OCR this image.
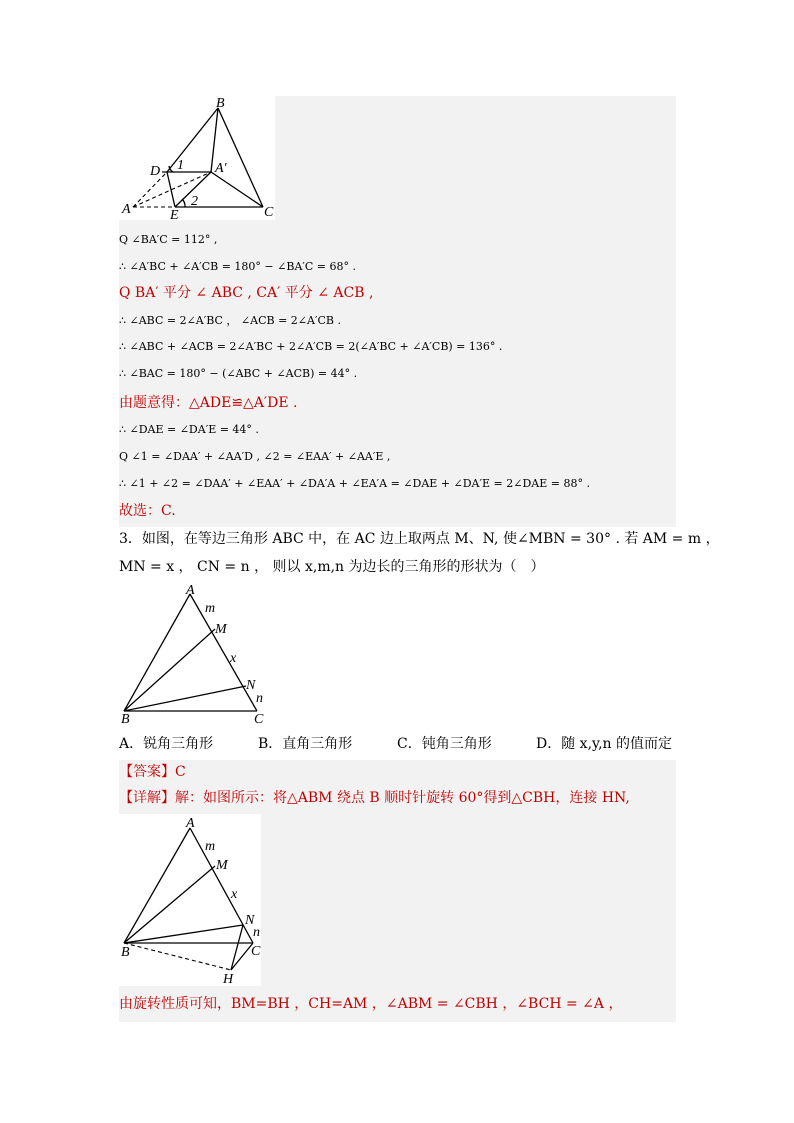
B
D 1 A′
2
A	E	C
Q ∠BA′C = 112° ,
∴ ∠A′BC + ∠A′CB = 180° − ∠BA′C = 68° .
Q BA′ 平分 ∠ ABC , CA′ 平分 ∠ ACB ,
∴ ∠ABC = 2∠A′BC ， ∠ACB = 2∠A′CB .
∴ ∠ABC + ∠ACB = 2∠A′BC + 2∠A′CB = 2(∠A′BC + ∠A′CB) = 136° .
∴ ∠BAC = 180° − (∠ABC + ∠ACB) = 44° .
由题意得：△ADE≌△A′DE .
∴ ∠DAE = ∠DA′E = 44° .
Q ∠1 = ∠DAA′ + ∠AA′D , ∠2 = ∠EAA′ + ∠AA′E ,
∴ ∠1 + ∠2 = ∠DAA′ + ∠EAA′ + ∠DA′A + ∠EA′A = ∠DAE + ∠DA′E = 2∠DAE = 88° .
故选：C.
3．如图，在等边三角形 ABC 中，在 AC 边上取两点 M、N, 使∠MBN = 30° . 若 AM = m ，
MN = x ， CN = n ， 则以 x,m,n 为边长的三角形的形状为（　）
A
m
M
x
N
n
B	C
A．锐角三角形	B．直角三角形	C．钝角三角形	D．随 x,y,n 的值而定
【答案】C
【详解】解：如图所示：将△ABM 绕点 B 顺时针旋转 60°得到△CBH，连接 HN,
A
m
M
x
N
n
B	C
H
由旋转性质可知，BM=BH ，CH=AM ，∠ABM = ∠CBH ，∠BCH = ∠A ，
